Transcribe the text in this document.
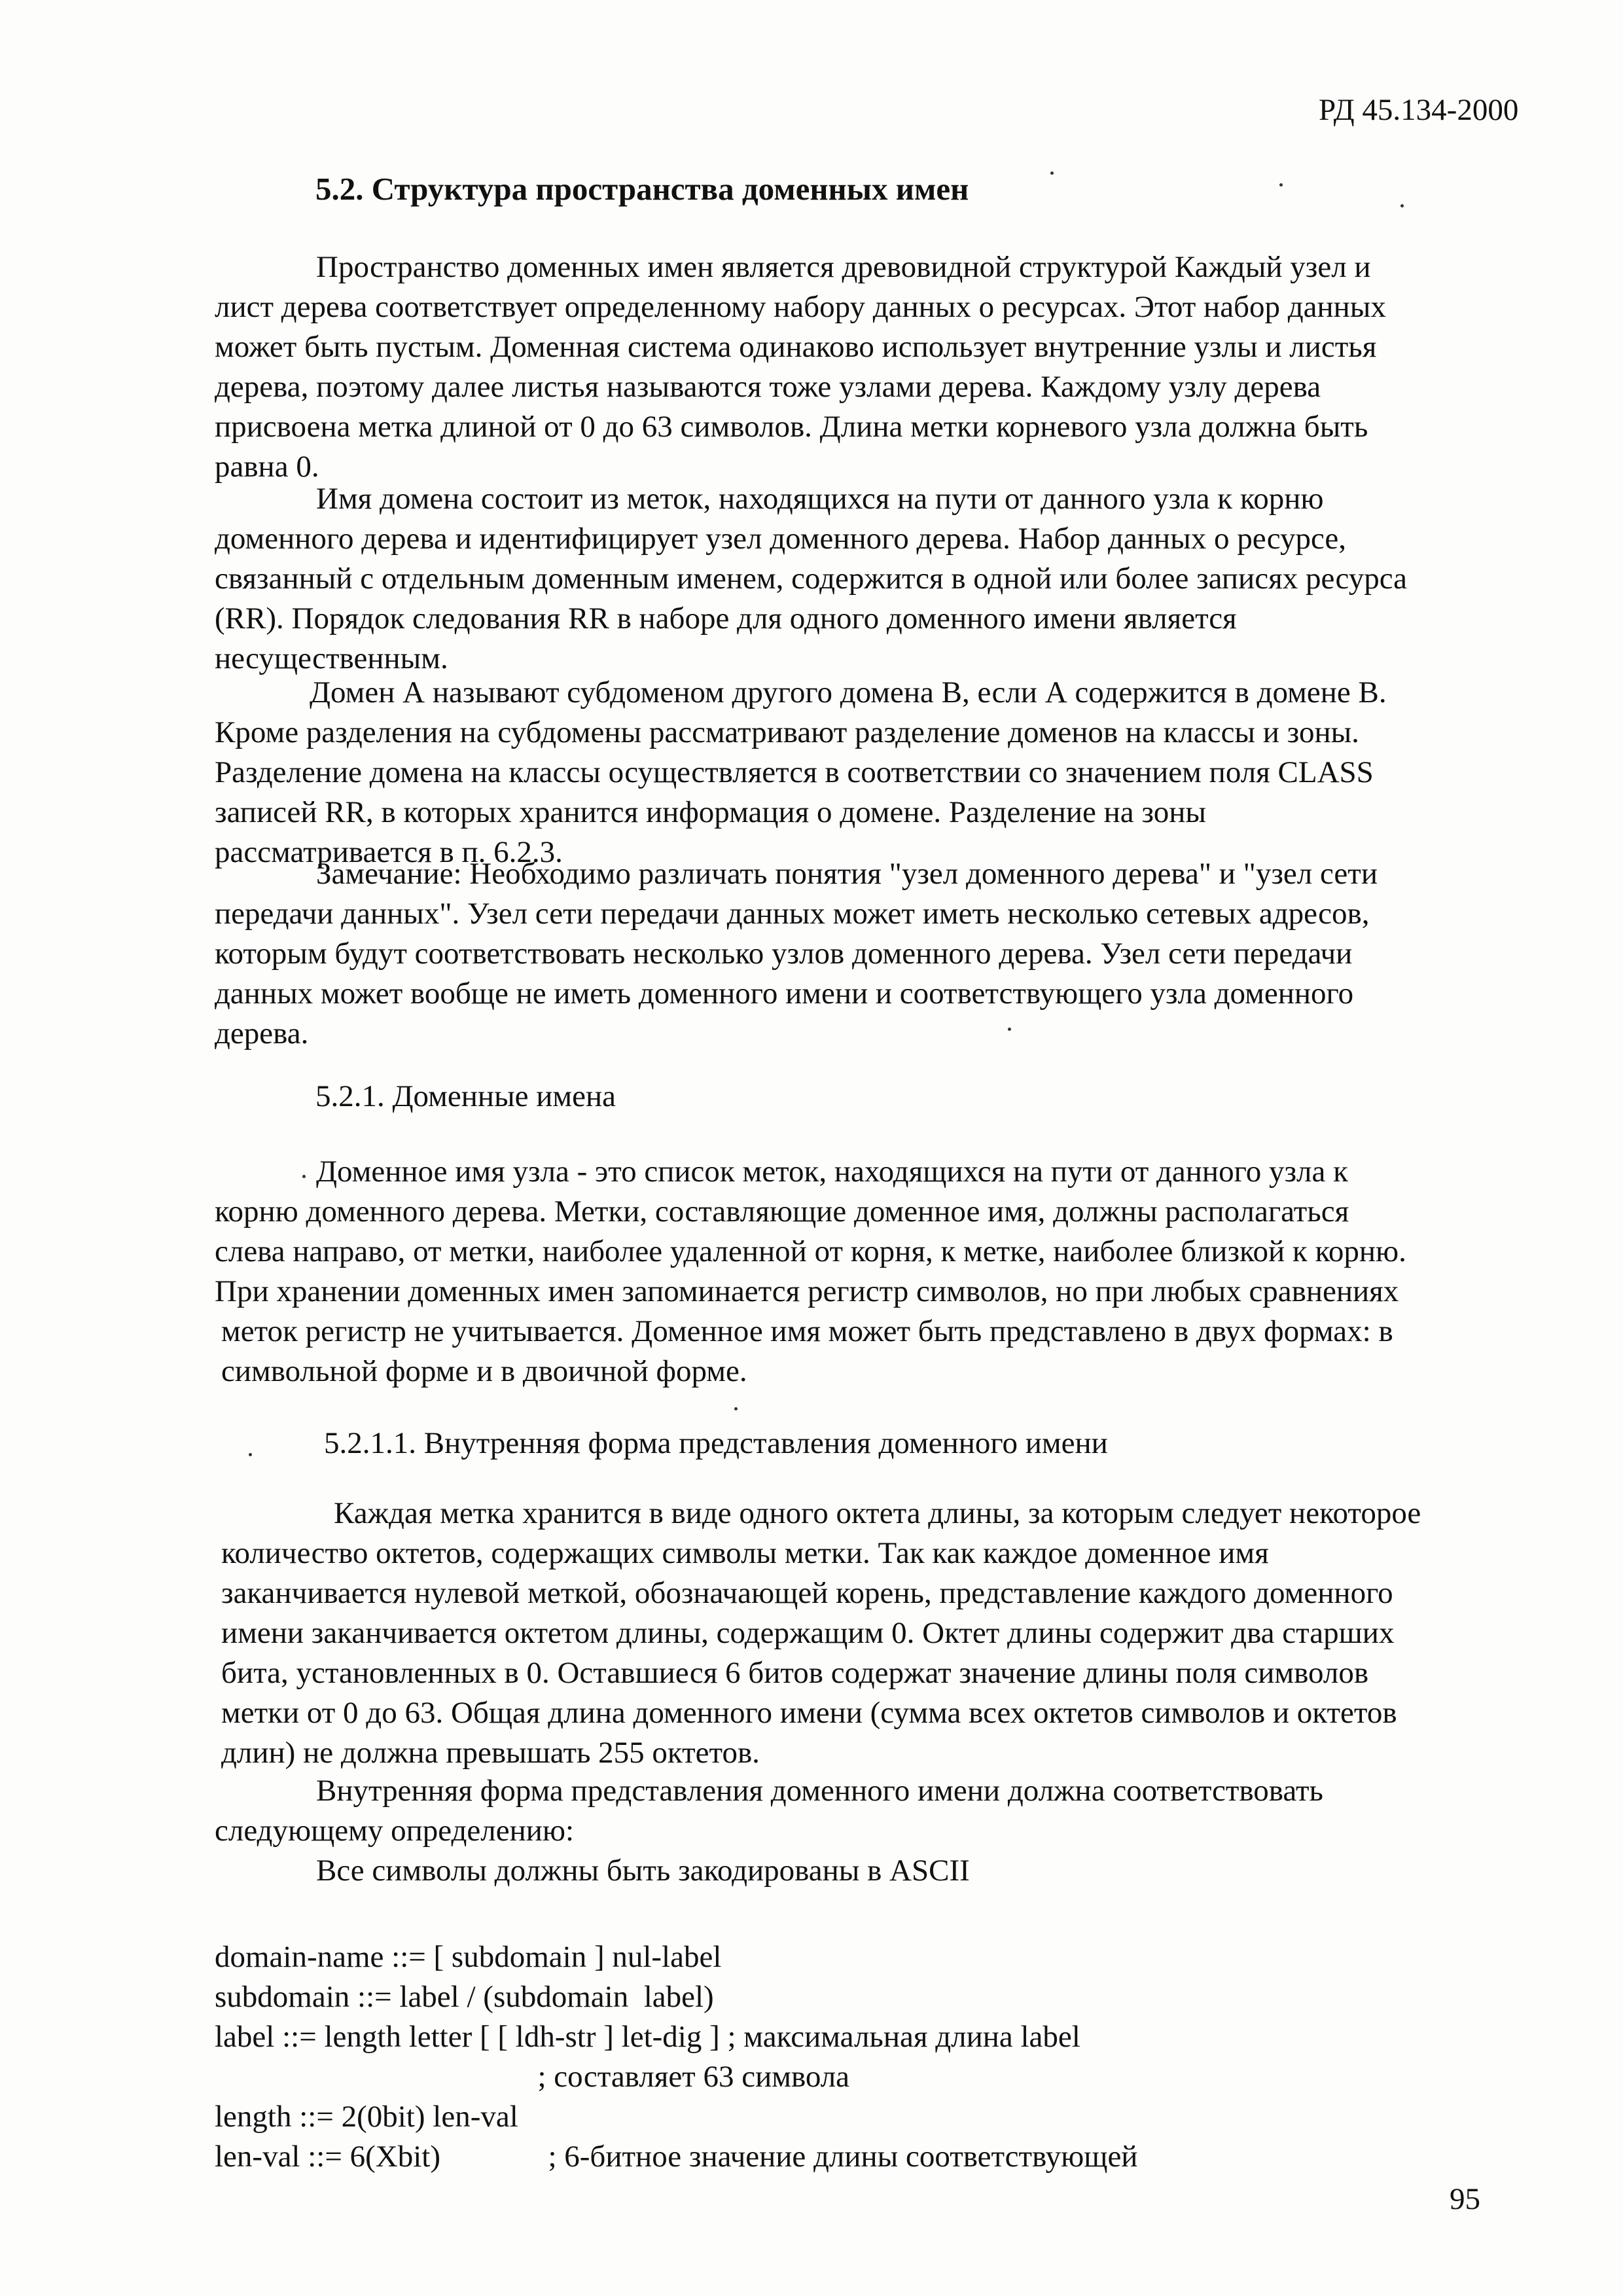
РД 45.134-2000
5.2. Структура пространства доменных имен
Пространство доменных имен является древовидной структурой Каждый узел и
лист дерева соответствует определенному набору данных о ресурсах. Этот набор данных
может быть пустым. Доменная система одинаково использует внутренние узлы и листья
дерева, поэтому далее листья называются тоже узлами дерева. Каждому узлу дерева
присвоена метка длиной от 0 до 63 символов. Длина метки корневого узла должна быть
равна 0.
Имя домена состоит из меток, находящихся на пути от данного узла к корню
доменного дерева и идентифицирует узел доменного дерева. Набор данных о ресурсе,
связанный с отдельным доменным именем, содержится в одной или более записях ресурса
(RR). Порядок следования RR в наборе для одного доменного имени является
несущественным.
Домен А называют субдоменом другого домена В, если А содержится в домене В.
Кроме разделения на субдомены рассматривают разделение доменов на классы и зоны.
Разделение домена на классы осуществляется в соответствии со значением поля CLASS
записей RR, в которых хранится информация о домене. Разделение на зоны
рассматривается в п. 6.2.3.
Замечание: Необходимо различать понятия "узел доменного дерева" и "узел сети
передачи данных". Узел сети передачи данных может иметь несколько сетевых адресов,
которым будут соответствовать несколько узлов доменного дерева. Узел сети передачи
данных может вообще не иметь доменного имени и соответствующего узла доменного
дерева.
5.2.1. Доменные имена
Доменное имя узла - это список меток, находящихся на пути от данного узла к
корню доменного дерева. Метки, составляющие доменное имя, должны располагаться
слева направо, от метки, наиболее удаленной от корня, к метке, наиболее близкой к корню.
При хранении доменных имен запоминается регистр символов, но при любых сравнениях
меток регистр не учитывается. Доменное имя может быть представлено в двух формах: в
символьной форме и в двоичной форме.
5.2.1.1. Внутренняя форма представления доменного имени
Каждая метка хранится в виде одного октета длины, за которым следует некоторое
количество октетов, содержащих символы метки. Так как каждое доменное имя
заканчивается нулевой меткой, обозначающей корень, представление каждого доменного
имени заканчивается октетом длины, содержащим 0. Октет длины содержит два старших
бита, установленных в 0. Оставшиеся 6 битов содержат значение длины поля символов
метки от 0 до 63. Общая длина доменного имени (сумма всех октетов символов и октетов
длин) не должна превышать 255 октетов.
Внутренняя форма представления доменного имени должна соответствовать
следующему определению:
Все символы должны быть закодированы в ASCII
domain-name ::= [ subdomain ] nul-label
subdomain ::= label / (subdomain  label)
label ::= length letter [ [ ldh-str ] let-dig ] ; максимальная длина label
; составляет 63 символа
length ::= 2(0bit) len-val
len-val ::= 6(Xbit)              ; 6-битное значение длины соответствующей
95
